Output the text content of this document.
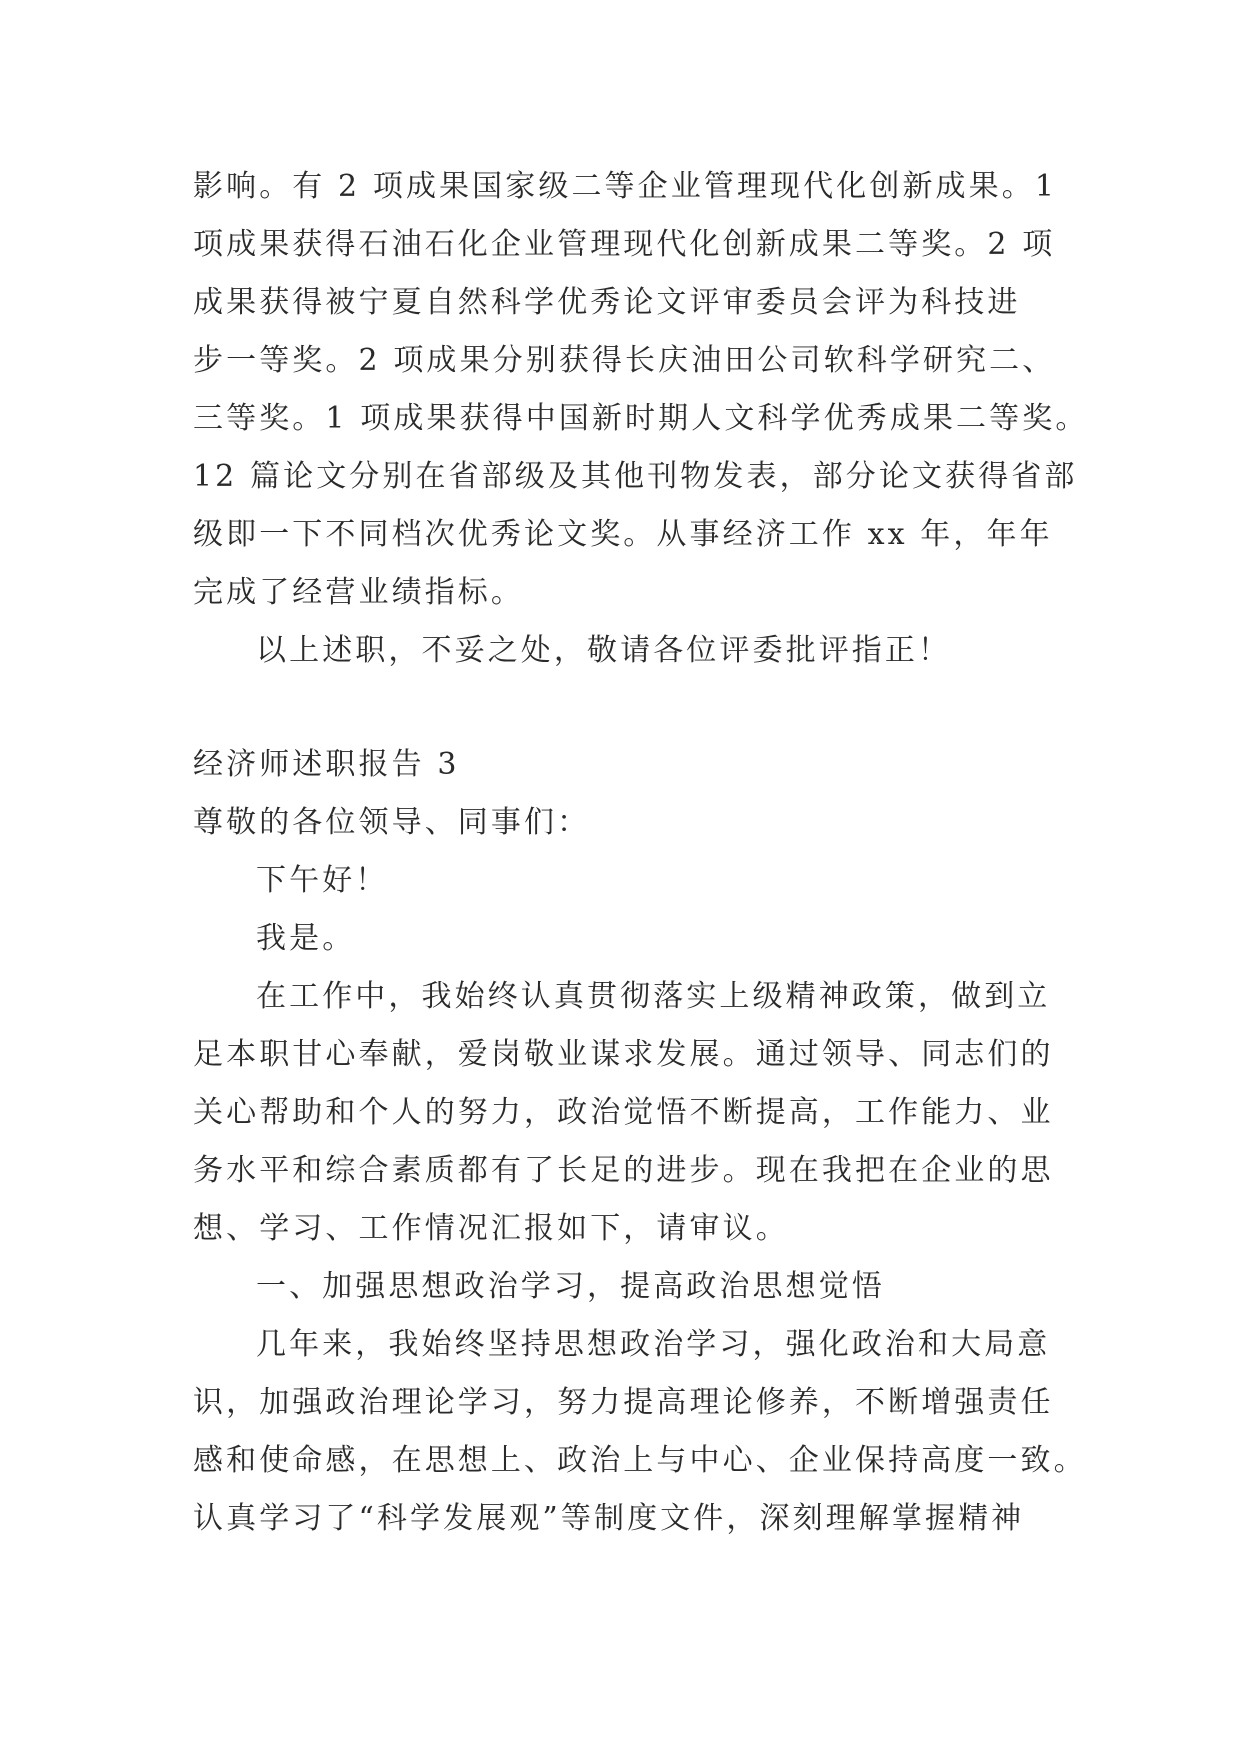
影响。有 2 项成果国家级二等企业管理现代化创新成果。1
项成果获得石油石化企业管理现代化创新成果二等奖。2 项
成果获得被宁夏自然科学优秀论文评审委员会评为科技进
步一等奖。2 项成果分别获得长庆油田公司软科学研究二、
三等奖。1 项成果获得中国新时期人文科学优秀成果二等奖。
12 篇论文分别在省部级及其他刊物发表，部分论文获得省部
级即一下不同档次优秀论文奖。从事经济工作 xx 年，年年
完成了经营业绩指标。
以上述职，不妥之处，敬请各位评委批评指正！
经济师述职报告 3
尊敬的各位领导、同事们：
下午好！
我是。
在工作中，我始终认真贯彻落实上级精神政策，做到立
足本职甘心奉献，爱岗敬业谋求发展。通过领导、同志们的
关心帮助和个人的努力，政治觉悟不断提高，工作能力、业
务水平和综合素质都有了长足的进步。现在我把在企业的思
想、学习、工作情况汇报如下，请审议。
一、加强思想政治学习，提高政治思想觉悟
几年来，我始终坚持思想政治学习，强化政治和大局意
识，加强政治理论学习，努力提高理论修养，不断增强责任
感和使命感，在思想上、政治上与中心、企业保持高度一致。
认真学习了“科学发展观”等制度文件，深刻理解掌握精神
